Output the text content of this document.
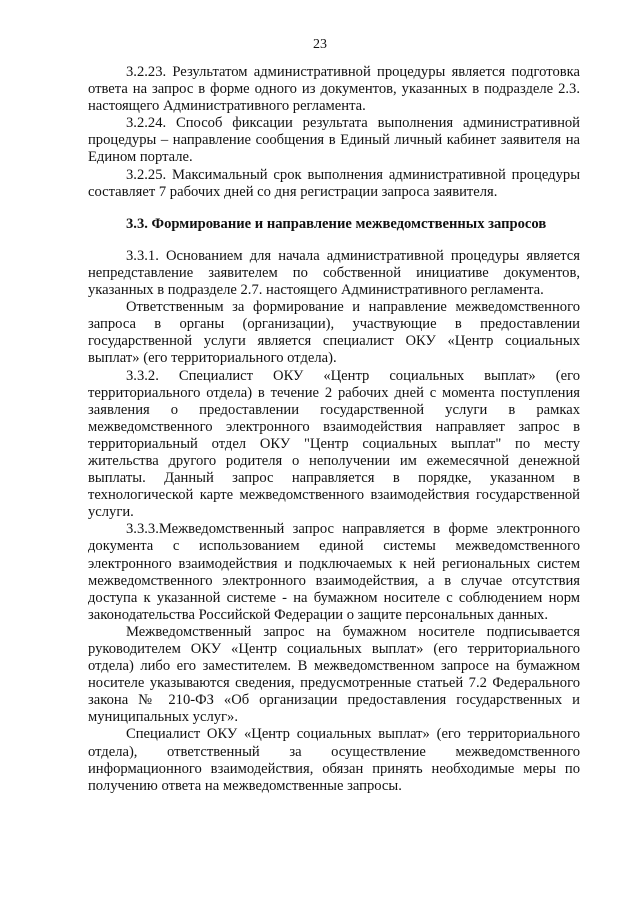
23

3.2.23. Результатом административной процедуры является подготовка ответа на запрос в форме одного из документов, указанных в подразделе 2.3. настоящего Административного регламента.

3.2.24. Способ фиксации результата выполнения административной процедуры – направление сообщения в Единый личный кабинет заявителя на Едином портале.

3.2.25. Максимальный срок выполнения административной процедуры составляет 7 рабочих дней со дня регистрации запроса заявителя.

3.3. Формирование и направление межведомственных запросов

3.3.1. Основанием для начала административной процедуры является непредставление заявителем по собственной инициативе документов, указанных в подразделе 2.7. настоящего Административного регламента.

Ответственным за формирование и направление межведомственного запроса в органы (организации), участвующие в предоставлении государственной услуги является специалист ОКУ «Центр социальных выплат» (его территориального отдела).

3.3.2. Специалист ОКУ «Центр социальных выплат» (его территориального отдела) в течение 2 рабочих дней с момента поступления заявления о предоставлении государственной услуги в рамках межведомственного электронного взаимодействия направляет запрос в территориальный отдел ОКУ "Центр социальных выплат" по месту жительства другого родителя о неполучении им ежемесячной денежной выплаты. Данный запрос направляется в порядке, указанном в технологической карте межведомственного взаимодействия государственной услуги.

3.3.3.Межведомственный запрос направляется в форме электронного документа с использованием единой системы межведомственного электронного взаимодействия и подключаемых к ней региональных систем межведомственного электронного взаимодействия, а в случае отсутствия доступа к указанной системе - на бумажном носителе с соблюдением норм законодательства Российской Федерации о защите персональных данных.

Межведомственный запрос на бумажном носителе подписывается руководителем ОКУ «Центр социальных выплат» (его территориального отдела) либо его заместителем. В межведомственном запросе на бумажном носителе указываются сведения, предусмотренные статьей 7.2 Федерального закона № 210-ФЗ «Об организации предоставления государственных и муниципальных услуг».

Специалист ОКУ «Центр социальных выплат» (его территориального отдела), ответственный за осуществление межведомственного информационного взаимодействия, обязан принять необходимые меры по получению ответа на межведомственные запросы.
